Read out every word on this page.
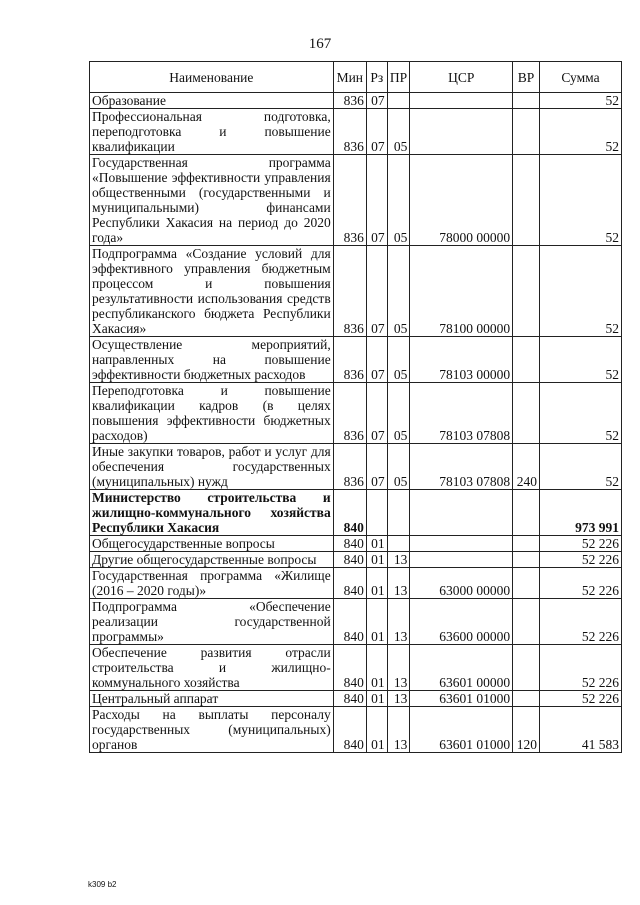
167
Наименование	Мин	Рз	ПР	ЦСР	ВР	Сумма
Образование	836	07				52
Профессиональная подготовка, переподготовка и повышение квалификации	836	07	05			52
Государственная программа «Повышение эффективности управления общественными (государственными и муниципальными) финансами Республики Хакасия на период до 2020 года»	836	07	05	78000 00000		52
Подпрограмма «Создание условий для эффективного управления бюджетным процессом и повышения результативности использования средств республиканского бюджета Республики Хакасия»	836	07	05	78100 00000		52
Осуществление мероприятий, направленных на повышение эффективности бюджетных расходов	836	07	05	78103 00000		52
Переподготовка и повышение квалификации кадров (в целях повышения эффективности бюджетных расходов)	836	07	05	78103 07808		52
Иные закупки товаров, работ и услуг для обеспечения государственных (муниципальных) нужд	836	07	05	78103 07808	240	52
Министерство строительства и жилищно-коммунального хозяйства Республики Хакасия	840					973 991
Общегосударственные вопросы	840	01				52 226
Другие общегосударственные вопросы	840	01	13			52 226
Государственная программа «Жилище (2016 – 2020 годы)»	840	01	13	63000 00000		52 226
Подпрограмма «Обеспечение реализации государственной программы»	840	01	13	63600 00000		52 226
Обеспечение развития отрасли строительства и жилищно-коммунального хозяйства	840	01	13	63601 00000		52 226
Центральный аппарат	840	01	13	63601 01000		52 226
Расходы на выплаты персоналу государственных (муниципальных) органов	840	01	13	63601 01000	120	41 583
k309 b2
